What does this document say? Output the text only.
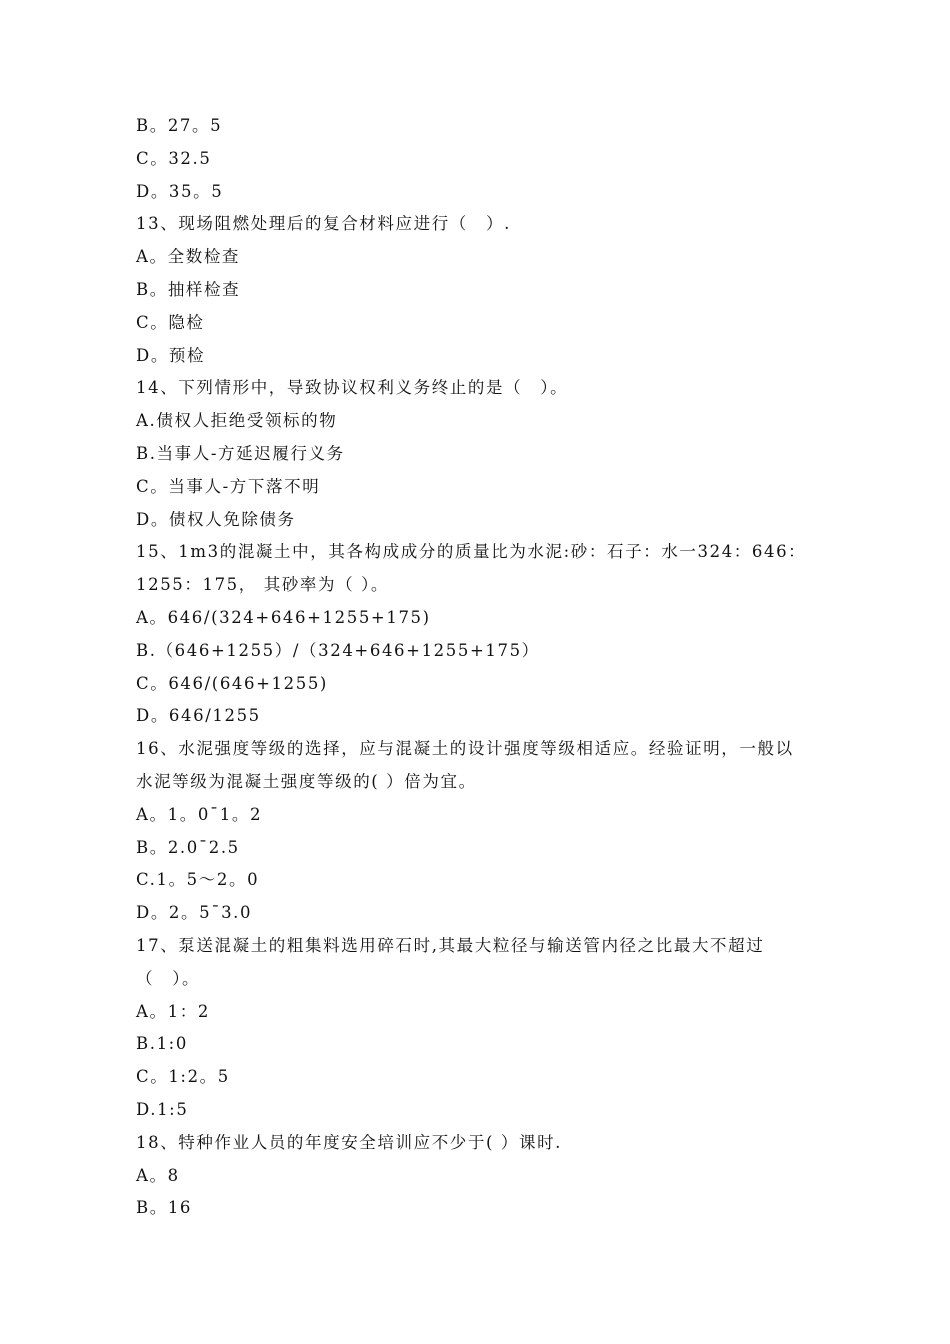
B。27。5
C。32.5
D。35。5
13、现场阻燃处理后的复合材料应进行（　）.
A。全数检查
B。抽样检查
C。隐检
D。预检
14、下列情形中，导致协议权利义务终止的是（　）。
A.债权人拒绝受领标的物
B.当事人-方延迟履行义务
C。当事人-方下落不明
D。债权人免除债务
15、1m3的混凝土中，其各构成成分的质量比为水泥:砂：石子：水一324：646：
1255：175， 其砂率为（ ）。
A。646/(324+646+1255+175)
B.（646+1255）/（324+646+1255+175）
C。646/(646+1255)
D。646/1255
16、水泥强度等级的选择，应与混凝土的设计强度等级相适应。经验证明，一般以
水泥等级为混凝土强度等级的( ）倍为宜。
A。1。0¯1。2
B。2.0¯2.5
C.1。5～2。0
D。2。5¯3.0
17、泵送混凝土的粗集料选用碎石时,其最大粒径与输送管内径之比最大不超过
（　）。
A。1：2
B.1:0
C。1:2。5
D.1:5
18、特种作业人员的年度安全培训应不少于( ）课时.
A。8
B。16
